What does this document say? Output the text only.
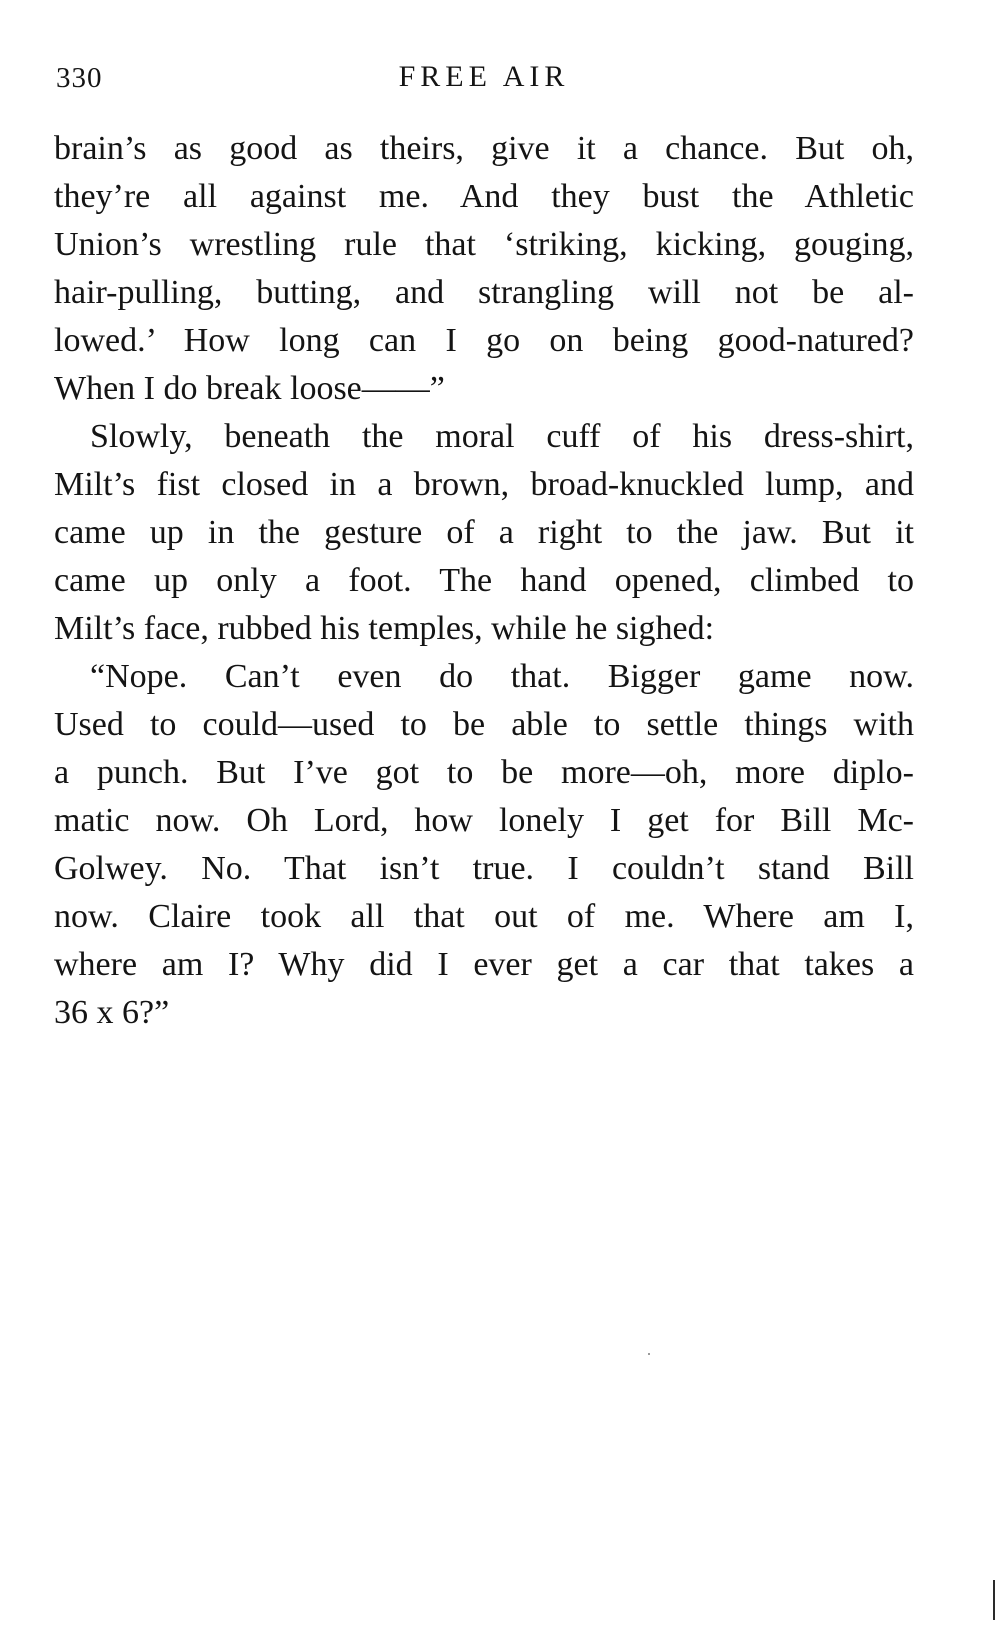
330	FREE AIR
brain’s as good as theirs, give it a chance. But oh,
they’re all against me. And they bust the Athletic
Union’s wrestling rule that ‘striking, kicking, gouging,
hair-pulling, butting, and strangling will not be al-
lowed.’ How long can I go on being good-natured?
When I do break loose——”
Slowly, beneath the moral cuff of his dress-shirt,
Milt’s fist closed in a brown, broad-knuckled lump, and
came up in the gesture of a right to the jaw. But it
came up only a foot. The hand opened, climbed to
Milt’s face, rubbed his temples, while he sighed:
“Nope. Can’t even do that. Bigger game now.
Used to could—used to be able to settle things with
a punch. But I’ve got to be more—oh, more diplo-
matic now. Oh Lord, how lonely I get for Bill Mc-
Golwey. No. That isn’t true. I couldn’t stand Bill
now. Claire took all that out of me. Where am I,
where am I? Why did I ever get a car that takes a
36 x 6?”
